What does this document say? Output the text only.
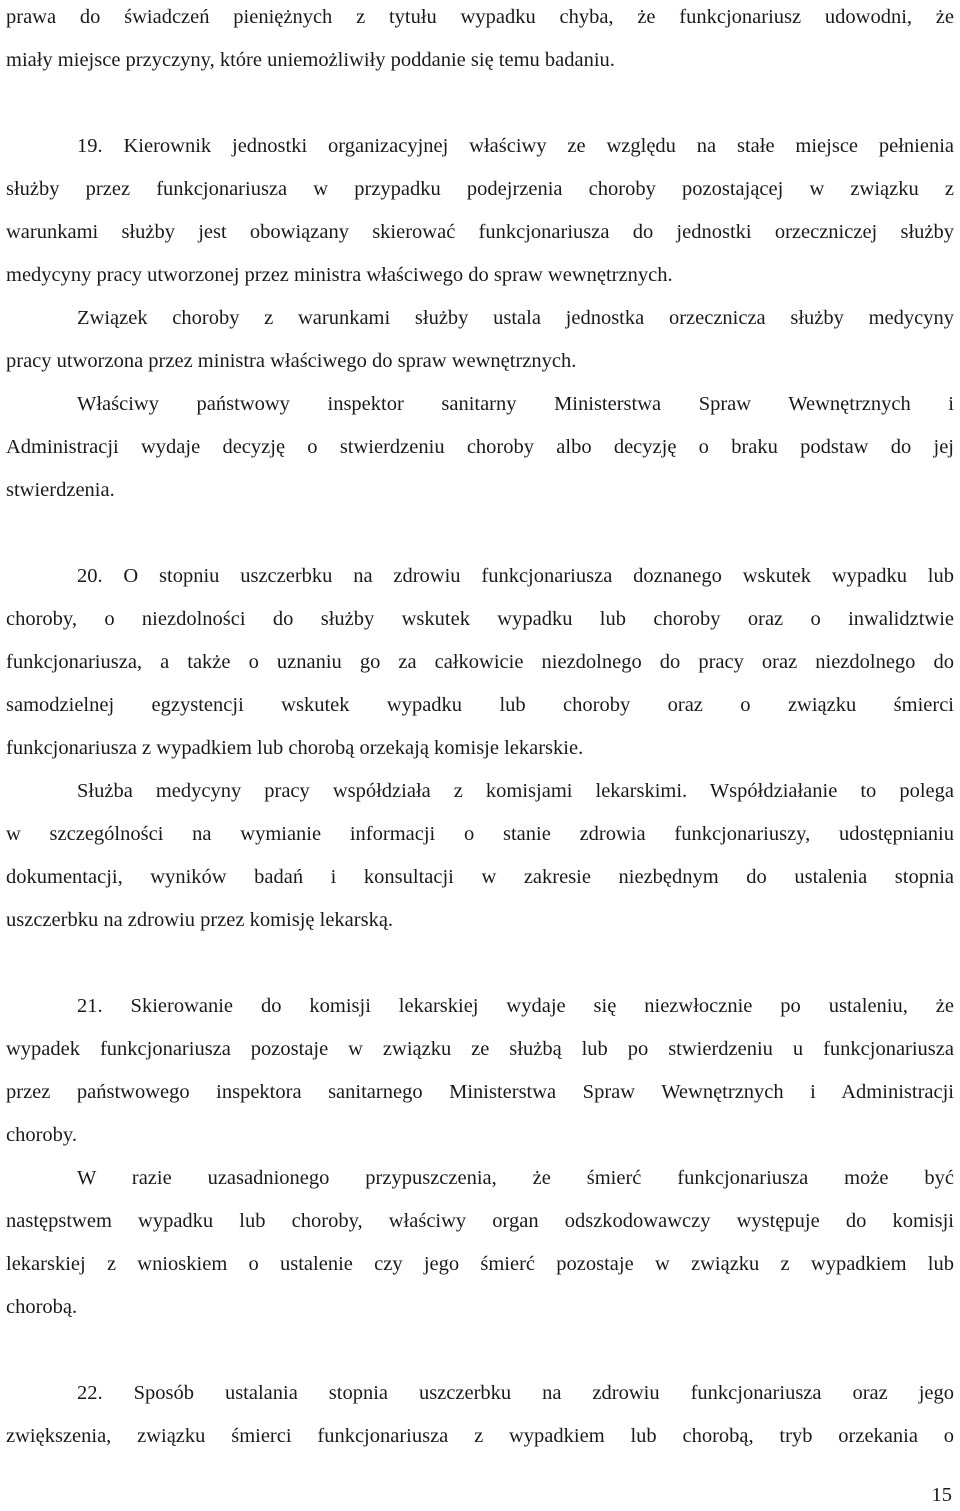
prawa do świadczeń pieniężnych z tytułu wypadku chyba, że funkcjonariusz udowodni, że
miały miejsce przyczyny, które uniemożliwiły poddanie się temu badaniu.
19. Kierownik jednostki organizacyjnej właściwy ze względu na stałe miejsce pełnienia
służby przez funkcjonariusza w przypadku podejrzenia choroby pozostającej w związku z
warunkami służby jest obowiązany skierować funkcjonariusza do jednostki orzeczniczej służby
medycyny pracy utworzonej przez ministra właściwego do spraw wewnętrznych.
Związek choroby z warunkami służby ustala jednostka orzecznicza służby medycyny
pracy utworzona przez ministra właściwego do spraw wewnętrznych.
Właściwy państwowy inspektor sanitarny Ministerstwa Spraw Wewnętrznych i
Administracji wydaje decyzję o stwierdzeniu choroby albo decyzję o braku podstaw do jej
stwierdzenia.
20. O stopniu uszczerbku na zdrowiu funkcjonariusza doznanego wskutek wypadku lub
choroby, o niezdolności do służby wskutek wypadku lub choroby oraz o inwalidztwie
funkcjonariusza, a także o uznaniu go za całkowicie niezdolnego do pracy oraz niezdolnego do
samodzielnej egzystencji wskutek wypadku lub choroby oraz o związku śmierci
funkcjonariusza z wypadkiem lub chorobą orzekają komisje lekarskie.
Służba medycyny pracy współdziała z komisjami lekarskimi. Współdziałanie to polega
w szczególności na wymianie informacji o stanie zdrowia funkcjonariuszy, udostępnianiu
dokumentacji, wyników badań i konsultacji w zakresie niezbędnym do ustalenia stopnia
uszczerbku na zdrowiu przez komisję lekarską.
21. Skierowanie do komisji lekarskiej wydaje się niezwłocznie po ustaleniu, że
wypadek funkcjonariusza pozostaje w związku ze służbą lub po stwierdzeniu u funkcjonariusza
przez państwowego inspektora sanitarnego Ministerstwa Spraw Wewnętrznych i Administracji
choroby.
W razie uzasadnionego przypuszczenia, że śmierć funkcjonariusza może być
następstwem wypadku lub choroby, właściwy organ odszkodowawczy występuje do komisji
lekarskiej z wnioskiem o ustalenie czy jego śmierć pozostaje w związku z wypadkiem lub
chorobą.
22. Sposób ustalania stopnia uszczerbku na zdrowiu funkcjonariusza oraz jego
zwiększenia, związku śmierci funkcjonariusza z wypadkiem lub chorobą, tryb orzekania o
15
